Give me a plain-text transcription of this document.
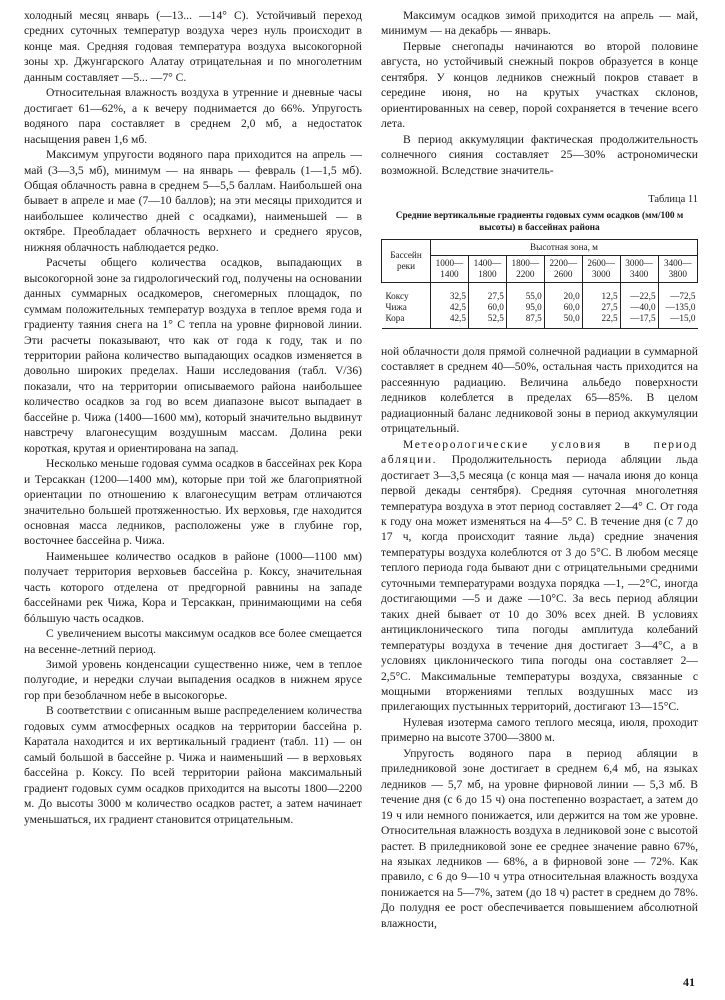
холодный месяц январь (—13... —14° С). Устойчивый переход средних суточных температур воздуха через нуль происходит в конце мая. Средняя годовая температура воздуха высокогорной зоны хр. Джунгарского Алатау отрицательная и по многолетним данным составляет —5... —7° С.

Относительная влажность воздуха в утренние и дневные часы достигает 61—62%, а к вечеру поднимается до 66%. Упругость водяного пара составляет в среднем 2,0 мб, а недостаток насыщения равен 1,6 мб.

Максимум упругости водяного пара приходится на апрель — май (3—3,5 мб), минимум — на январь — февраль (1—1,5 мб). Общая облачность равна в среднем 5—5,5 баллам. Наибольшей она бывает в апреле и мае (7—10 баллов); на эти месяцы приходится и наибольшее количество дней с осадками), наименьшей — в октябре. Преобладает облачность верхнего и среднего ярусов, нижняя облачность наблюдается редко.

Расчеты общего количества осадков, выпадающих в высокогорной зоне за гидрологический год, получены на основании данных суммарных осадкомеров, снегомерных площадок, по суммам положительных температур воздуха в теплое время года и градиенту таяния снега на 1° С тепла на уровне фирновой линии. Эти расчеты показывают, что как от года к году, так и по территории района количество выпадающих осадков изменяется в довольно широких пределах. Наши исследования (табл. V/36) показали, что на территории описываемого района наибольшее количество осадков за год во всем диапазоне высот выпадает в бассейне р. Чижа (1400—1600 мм), который значительно выдвинут навстречу влагонесущим воздушным массам. Долина реки короткая, крутая и ориентирована на запад.

Несколько меньше годовая сумма осадков в бассейнах рек Кора и Терсаккан (1200—1400 мм), которые при той же благоприятной ориентации по отношению к влагонесущим ветрам отличаются значительно большей протяженностью. Их верховья, где находится основная масса ледников, расположены уже в глубине гор, восточнее бассейна р. Чижа.

Наименьшее количество осадков в районе (1000—1100 мм) получает территория верховьев бассейна р. Коксу, значительная часть которого отделена от предгорной равнины на западе бассейнами рек Чижа, Кора и Терсаккан, принимающими на себя бóльшую часть осадков.

С увеличением высоты максимум осадков все более смещается на весенне-летний период.

Зимой уровень конденсации существенно ниже, чем в теплое полугодие, и нередки случаи выпадения осадков в нижнем ярусе гор при безоблачном небе в высокогорье.

В соответствии с описанным выше распределением количества годовых сумм атмосферных осадков на территории бассейна р. Каратала находится и их вертикальный градиент (табл. 11) — он самый большой в бассейне р. Чижа и наименьший — в верховьях бассейна р. Коксу. По всей территории района максимальный градиент годовых сумм осадков приходится на высоты 1800—2200 м. До высоты 3000 м количество осадков растет, а затем начинает уменьшаться, их градиент становится отрицательным.

Максимум осадков зимой приходится на апрель — май, минимум — на декабрь — январь.

Первые снегопады начинаются во второй половине августа, но устойчивый снежный покров образуется в конце сентября. У концов ледников снежный покров ставает в середине июня, но на крутых участках склонов, ориентированных на север, порой сохраняется в течение всего лета.

В период аккумуляции фактическая продолжительность солнечного сияния составляет 25—30% астрономически возможной. Вследствие значитель-

Таблица 11
Средние вертикальные градиенты годовых сумм осадков (мм/100 м высоты) в бассейнах района
Бассейн реки	Высотная зона, м						
	1000—1400	1400—1800	1800—2200	2200—2600	2600—3000	3000—3400	3400—3800
Коксу	32,5	27,5	55,0	20,0	12,5	—22,5	—72,5
Чижа	42,5	60,0	95,0	60,0	27,5	—40,0	—135,0
Кора	42,5	52,5	87,5	50,0	22,5	—17,5	—15,0

ной облачности доля прямой солнечной радиации в суммарной составляет в среднем 40—50%, остальная часть приходится на рассеянную радиацию. Величина альбедо поверхности ледников колеблется в пределах 65—85%. В целом радиационный баланс ледниковой зоны в период аккумуляции отрицательный.

Метеорологические условия в период абляции. Продолжительность периода абляции льда достигает 3—3,5 месяца (с конца мая — начала июня до конца первой декады сентября). Средняя суточная многолетняя температура воздуха в этот период составляет 2—4° С. От года к году она может изменяться на 4—5° С. В течение дня (с 7 до 17 ч, когда происходит таяние льда) средние значения температуры воздуха колеблются от 3 до 5°С. В любом месяце теплого периода года бывают дни с отрицательными средними суточными температурами воздуха порядка —1, —2°С, иногда достигающими —5 и даже —10°С. За весь период абляции таких дней бывает от 10 до 30% всех дней. В условиях антициклонического типа погоды амплитуда колебаний температуры воздуха в течение дня достигает 3—4°С, а в условиях циклонического типа погоды она составляет 2—2,5°С. Максимальные температуры воздуха, связанные с мощными вторжениями теплых воздушных масс из прилегающих пустынных территорий, достигают 13—15°С.

Нулевая изотерма самого теплого месяца, июля, проходит примерно на высоте 3700—3800 м.

Упругость водяного пара в период абляции в приледниковой зоне достигает в среднем 6,4 мб, на языках ледников — 5,7 мб, на уровне фирновой линии — 5,3 мб. В течение дня (с 6 до 15 ч) она постепенно возрастает, а затем до 19 ч или немного понижается, или держится на том же уровне. Относительная влажность воздуха в ледниковой зоне с высотой растет. В приледниковой зоне ее среднее значение равно 67%, на языках ледников — 68%, а в фирновой зоне — 72%. Как правило, с 6 до 9—10 ч утра относительная влажность воздуха понижается на 5—7%, затем (до 18 ч) растет в среднем до 78%. До полудня ее рост обеспечивается повышением абсолютной влажности,

41
